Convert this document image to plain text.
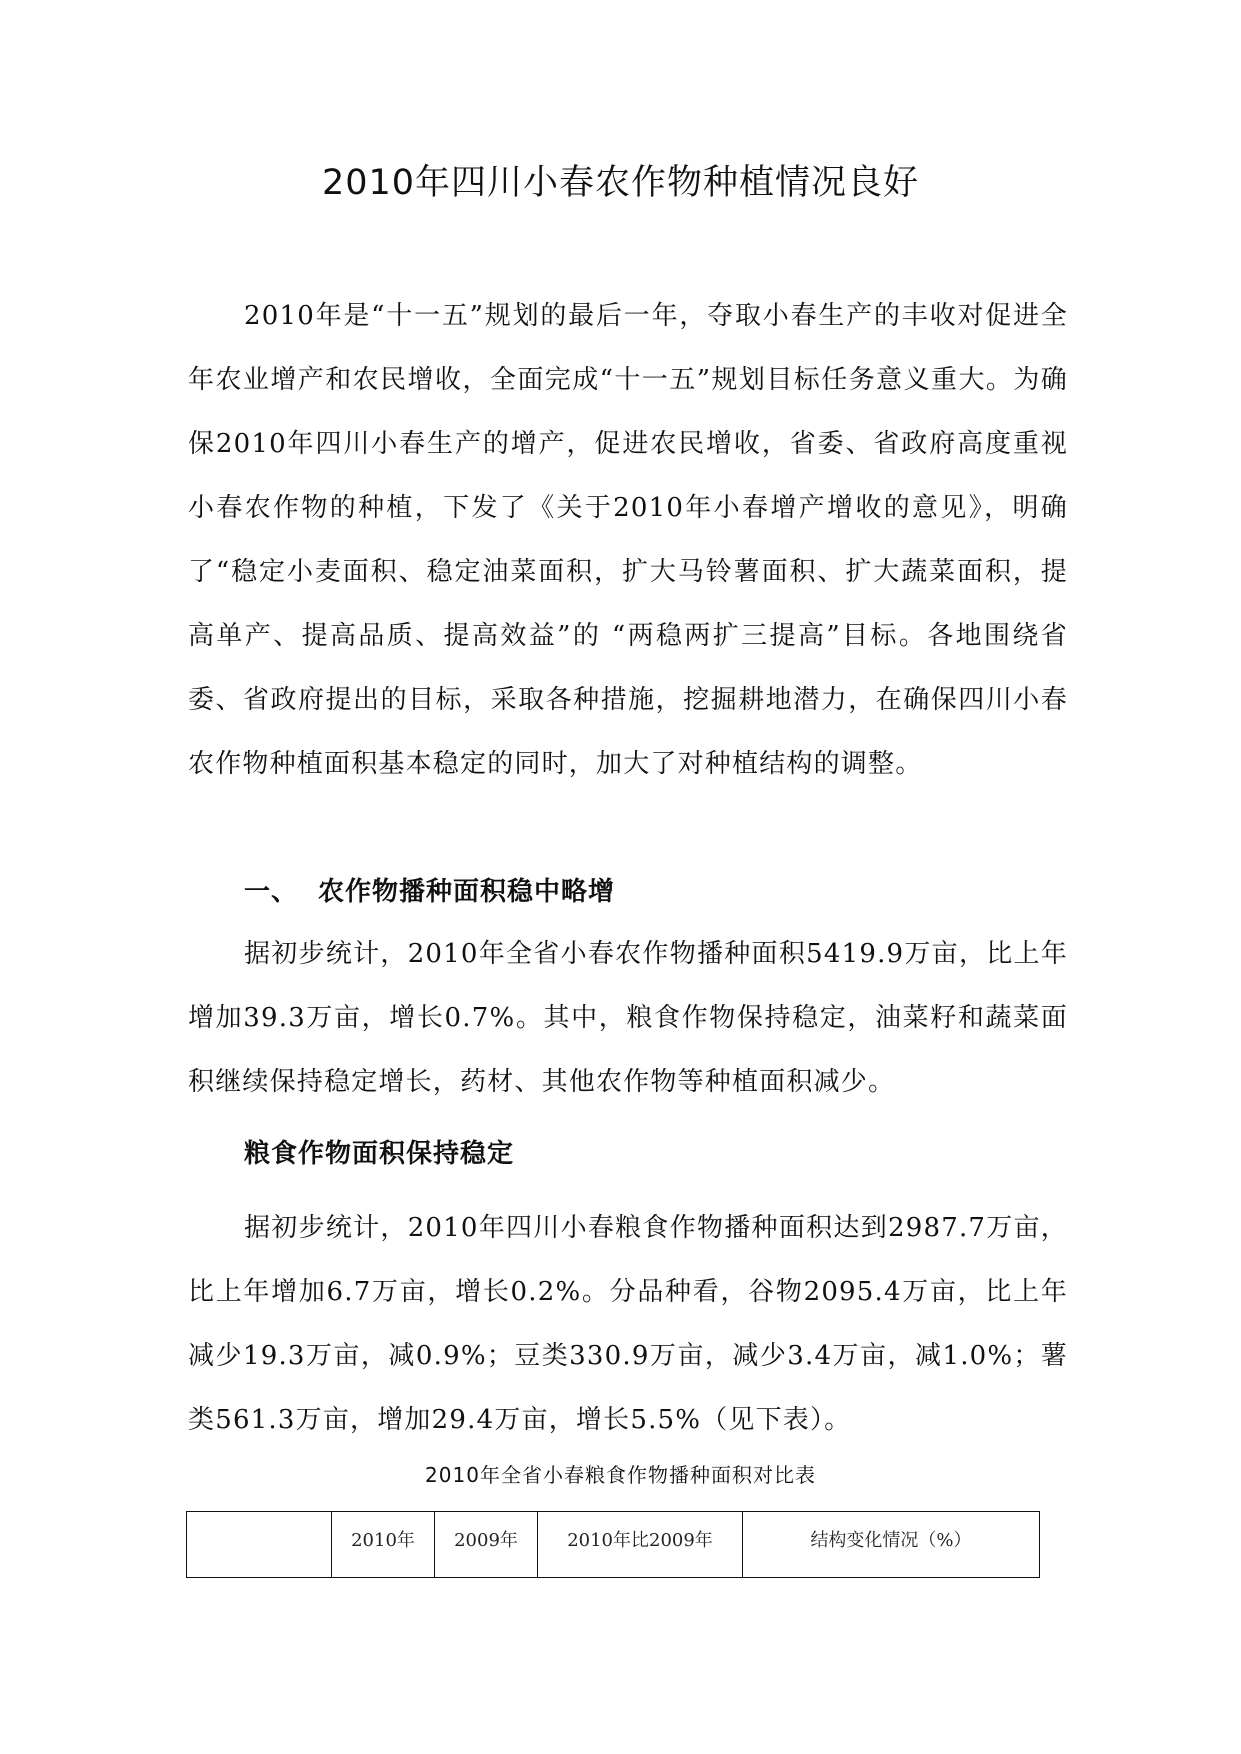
2010年四川小春农作物种植情况良好

2010年是“十一五”规划的最后一年，夺取小春生产的丰收对促进全年农业增产和农民增收，全面完成“十一五”规划目标任务意义重大。为确保2010年四川小春生产的增产，促进农民增收，省委、省政府高度重视小春农作物的种植，下发了《关于2010年小春增产增收的意见》，明确了“稳定小麦面积、稳定油菜面积，扩大马铃薯面积、扩大蔬菜面积，提高单产、提高品质、提高效益”的 “两稳两扩三提高”目标。各地围绕省委、省政府提出的目标，采取各种措施，挖掘耕地潜力，在确保四川小春农作物种植面积基本稳定的同时，加大了对种植结构的调整。

一、 农作物播种面积稳中略增

据初步统计，2010年全省小春农作物播种面积5419.9万亩，比上年增加39.3万亩，增长0.7%。其中，粮食作物保持稳定，油菜籽和蔬菜面积继续保持稳定增长，药材、其他农作物等种植面积减少。

粮食作物面积保持稳定

据初步统计，2010年四川小春粮食作物播种面积达到2987.7万亩，比上年增加6.7万亩，增长0.2%。分品种看，谷物2095.4万亩，比上年减少19.3万亩，减0.9%；豆类330.9万亩，减少3.4万亩，减1.0%；薯类561.3万亩，增加29.4万亩，增长5.5%（见下表）。

2010年全省小春粮食作物播种面积对比表
	2010年	2009年	2010年比2009年	结构变化情况（%）
